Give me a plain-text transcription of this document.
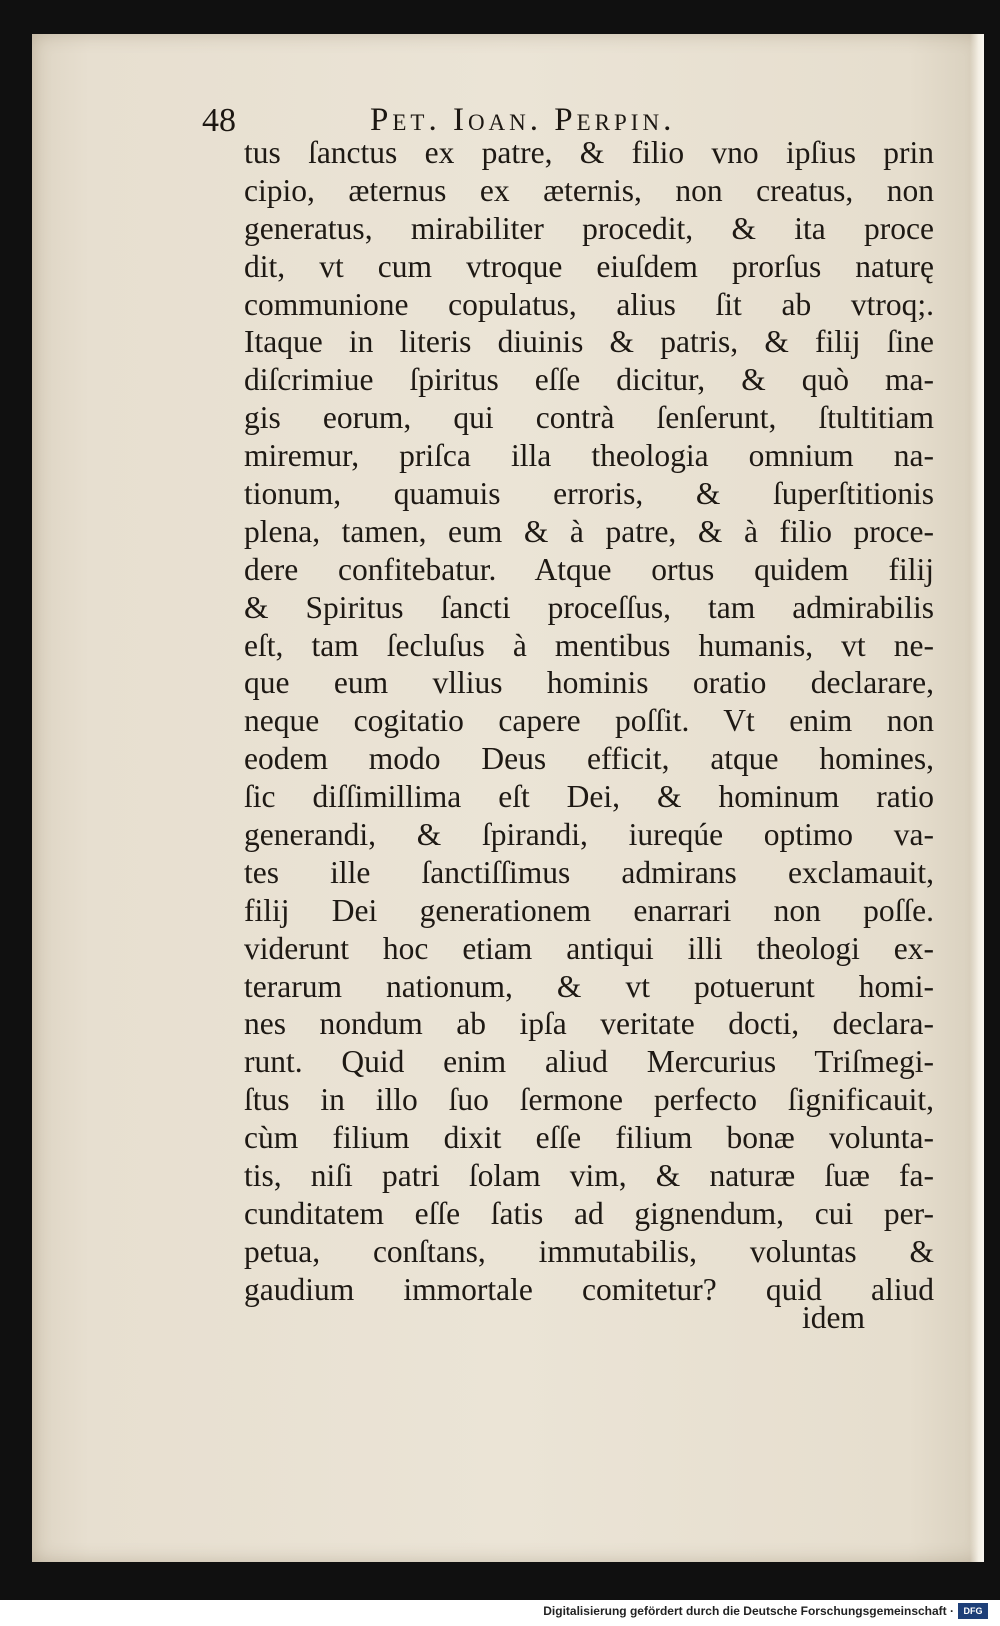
48	Pet. Ioan. Perpin.
tus ſanctus ex patre, & filio vno ipſius prin
cipio, æternus ex æternis, non creatus, non
generatus, mirabiliter procedit, & ita proce
dit, vt cum vtroque eiuſdem prorſus naturę
communione copulatus, alius ſit ab vtroq;.
Itaque in literis diuinis & patris, & filij ſine
diſcrimiue ſpiritus eſſe dicitur, & quò ma-
gis eorum, qui contrà ſenſerunt, ſtultitiam
miremur, priſca illa theologia omnium na-
tionum, quamuis erroris, & ſuperſtitionis
plena, tamen, eum & à patre, & à filio proce-
dere confitebatur. Atque ortus quidem filij
& Spiritus ſancti proceſſus, tam admirabilis
eſt, tam ſecluſus à mentibus humanis, vt ne-
que eum vllius hominis oratio declarare,
neque cogitatio capere poſſit. Vt enim non
eodem modo Deus efficit, atque homines,
ſic diſſimillima eſt Dei, & hominum ratio
generandi, & ſpirandi, iureqúe optimo va-
tes ille ſanctiſſimus admirans exclamauit,
filij Dei generationem enarrari non poſſe.
viderunt hoc etiam antiqui illi theologi ex-
terarum nationum, & vt potuerunt homi-
nes nondum ab ipſa veritate docti, declara-
runt. Quid enim aliud Mercurius Triſmegi-
ſtus in illo ſuo ſermone perfecto ſignificauit,
cùm filium dixit eſſe filium bonæ volunta-
tis, niſi patri ſolam vim, & naturæ ſuæ fa-
cunditatem eſſe ſatis ad gignendum, cui per-
petua, conſtans, immutabilis, voluntas &
gaudium immortale comitetur? quid aliud
idem
Digitalisierung gefördert durch die Deutsche Forschungsgemeinschaft ·	DFG
